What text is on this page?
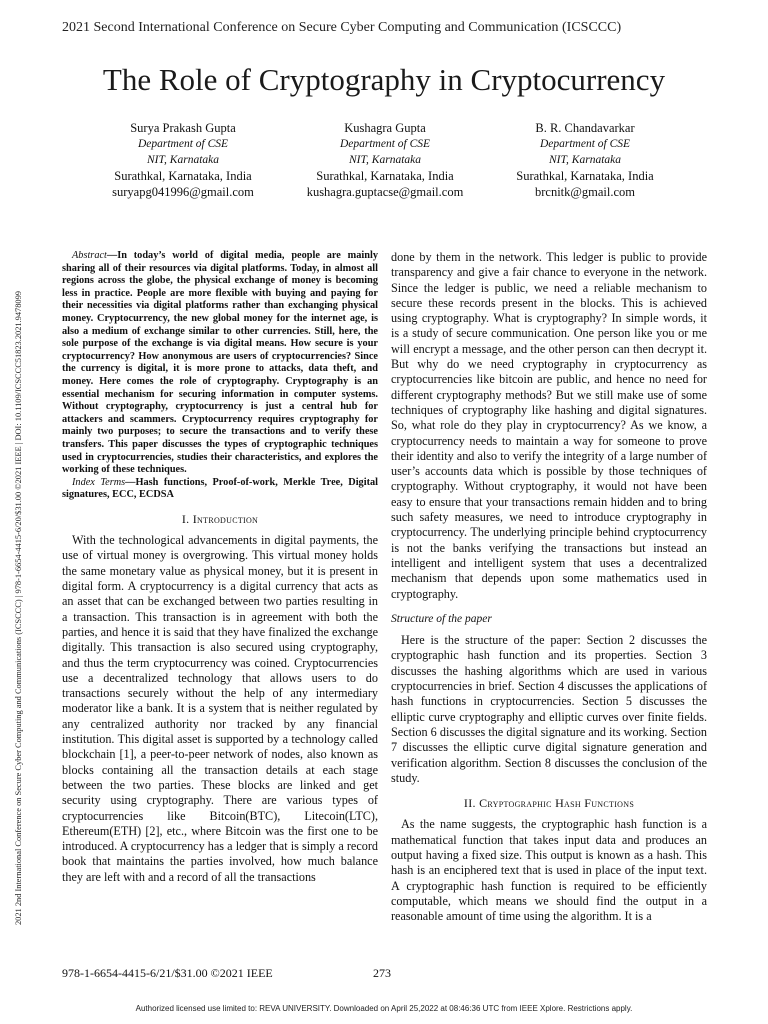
2021 Second International Conference on Secure Cyber Computing and Communication (ICSCCC)
2021 2nd International Conference on Secure Cyber Computing and Communications (ICSCCC) | 978-1-6654-4415-6/20/$31.00 ©2021 IEEE | DOI: 10.1109/ICSCCC51823.2021.9478099
The Role of Cryptography in Cryptocurrency
Surya Prakash Gupta
Department of CSE
NIT, Karnataka
Surathkal, Karnataka, India
suryapg041996@gmail.com
Kushagra Gupta
Department of CSE
NIT, Karnataka
Surathkal, Karnataka, India
kushagra.guptacse@gmail.com
B. R. Chandavarkar
Department of CSE
NIT, Karnataka
Surathkal, Karnataka, India
brcnitk@gmail.com

Abstract—In today’s world of digital media, people are mainly sharing all of their resources via digital platforms. Today, in almost all regions across the globe, the physical exchange of money is becoming less in practice. People are more flexible with buying and paying for their necessities via digital platforms rather than exchanging physical money. Cryptocurrency, the new global money for the internet age, is also a medium of exchange similar to other currencies. Still, here, the sole purpose of the exchange is via digital means. How secure is your cryptocurrency? How anonymous are users of cryptocurrencies? Since the currency is digital, it is more prone to attacks, data theft, and money. Here comes the role of cryptography. Cryptography is an essential mechanism for securing information in computer systems. Without cryptography, cryptocurrency is just a central hub for attackers and scammers. Cryptocurrency requires cryptography for mainly two purposes; to secure the transactions and to verify these transfers. This paper discusses the types of cryptographic techniques used in cryptocurrencies, studies their characteristics, and explores the working of these techniques.

Index Terms—Hash functions, Proof-of-work, Merkle Tree, Digital signatures, ECC, ECDSA

I. Introduction

With the technological advancements in digital payments, the use of virtual money is overgrowing. This virtual money holds the same monetary value as physical money, but it is present in digital form. A cryptocurrency is a digital currency that acts as an asset that can be exchanged between two parties resulting in a transaction. This transaction is in agreement with both the parties, and hence it is said that they have finalized the exchange digitally. This transaction is also secured using cryptography, and thus the term cryptocurrency was coined. Cryptocurrencies use a decentralized technology that allows users to do transactions securely without the help of any intermediary moderator like a bank. It is a system that is neither regulated by any centralized authority nor tracked by any financial institution. This digital asset is supported by a technology called blockchain [1], a peer-to-peer network of nodes, also known as blocks containing all the transaction details at each stage between the two parties. These blocks are linked and get security using cryptography. There are various types of cryptocurrencies like Bitcoin(BTC), Litecoin(LTC), Ethereum(ETH) [2], etc., where Bitcoin was the first one to be introduced. A cryptocurrency has a ledger that is simply a record book that maintains the parties involved, how much balance they are left with and a record of all the transactions

done by them in the network. This ledger is public to provide transparency and give a fair chance to everyone in the network. Since the ledger is public, we need a reliable mechanism to secure these records present in the blocks. This is achieved using cryptography. What is cryptography? In simple words, it is a study of secure communication. One person like you or me will encrypt a message, and the other person can then decrypt it. But why do we need cryptography in cryptocurrency as cryptocurrencies like bitcoin are public, and hence no need for different cryptography methods? But we still make use of some techniques of cryptography like hashing and digital signatures. So, what role do they play in cryptocurrency? As we know, a cryptocurrency needs to maintain a way for someone to prove their identity and also to verify the integrity of a large number of user’s accounts data which is possible by those techniques of cryptography. Without cryptography, it would not have been easy to ensure that your transactions remain hidden and to bring such safety measures, we need to introduce cryptography in cryptocurrency. The underlying principle behind cryptocurrency is not the banks verifying the transactions but instead an intelligent and intelligent system that uses a decentralized mechanism that depends upon some mathematics used in cryptography.

Structure of the paper

Here is the structure of the paper: Section 2 discusses the cryptographic hash function and its properties. Section 3 discusses the hashing algorithms which are used in various cryptocurrencies in brief. Section 4 discusses the applications of hash functions in cryptocurrencies. Section 5 discusses the elliptic curve cryptography and elliptic curves over finite fields. Section 6 discusses the digital signature and its working. Section 7 discusses the elliptic curve digital signature generation and verification algorithm. Section 8 discusses the conclusion of the study.

II. Cryptographic Hash Functions

As the name suggests, the cryptographic hash function is a mathematical function that takes input data and produces an output having a fixed size. This output is known as a hash. This hash is an enciphered text that is used in place of the input text. A cryptographic hash function is required to be efficiently computable, which means we should find the output in a reasonable amount of time using the algorithm. It is a

978-1-6654-4415-6/21/$31.00 ©2021 IEEE	273
Authorized licensed use limited to: REVA UNIVERSITY. Downloaded on April 25,2022 at 08:46:36 UTC from IEEE Xplore. Restrictions apply.
